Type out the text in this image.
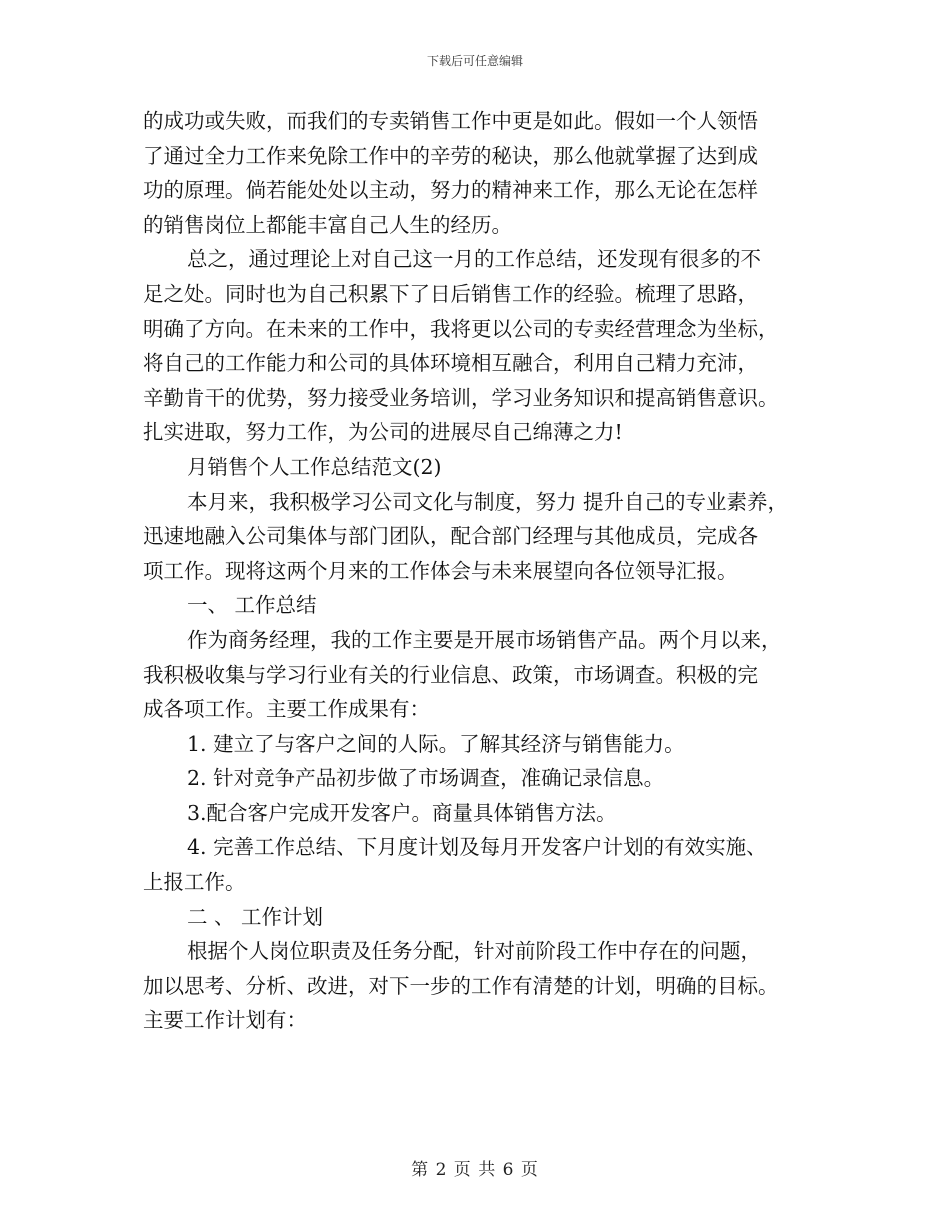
下载后可任意编辑
的成功或失败，而我们的专卖销售工作中更是如此。假如一个人领悟
了通过全力工作来免除工作中的辛劳的秘诀，那么他就掌握了达到成
功的原理。倘若能处处以主动，努力的精神来工作，那么无论在怎样
的销售岗位上都能丰富自己人生的经历。
总之，通过理论上对自己这一月的工作总结，还发现有很多的不
足之处。同时也为自己积累下了日后销售工作的经验。梳理了思路，
明确了方向。在未来的工作中，我将更以公司的专卖经营理念为坐标，
将自己的工作能力和公司的具体环境相互融合，利用自己精力充沛，
辛勤肯干的优势，努力接受业务培训，学习业务知识和提高销售意识。
扎实进取，努力工作，为公司的进展尽自己绵薄之力!
月销售个人工作总结范文(2)
本月来，我积极学习公司文化与制度，努力 提升自己的专业素养，
迅速地融入公司集体与部门团队，配合部门经理与其他成员，完成各
项工作。现将这两个月来的工作体会与未来展望向各位领导汇报。
一、 工作总结
作为商务经理，我的工作主要是开展市场销售产品。两个月以来，
我积极收集与学习行业有关的行业信息、政策，市场调查。积极的完
成各项工作。主要工作成果有：
1. 建立了与客户之间的人际。了解其经济与销售能力。
2. 针对竞争产品初步做了市场调查，准确记录信息。
3.配合客户完成开发客户。商量具体销售方法。
4. 完善工作总结、下月度计划及每月开发客户计划的有效实施、
上报工作。
二 、 工作计划
根据个人岗位职责及任务分配，针对前阶段工作中存在的问题，
加以思考、分析、改进，对下一步的工作有清楚的计划，明确的目标。
主要工作计划有：
第 2 页 共 6 页
